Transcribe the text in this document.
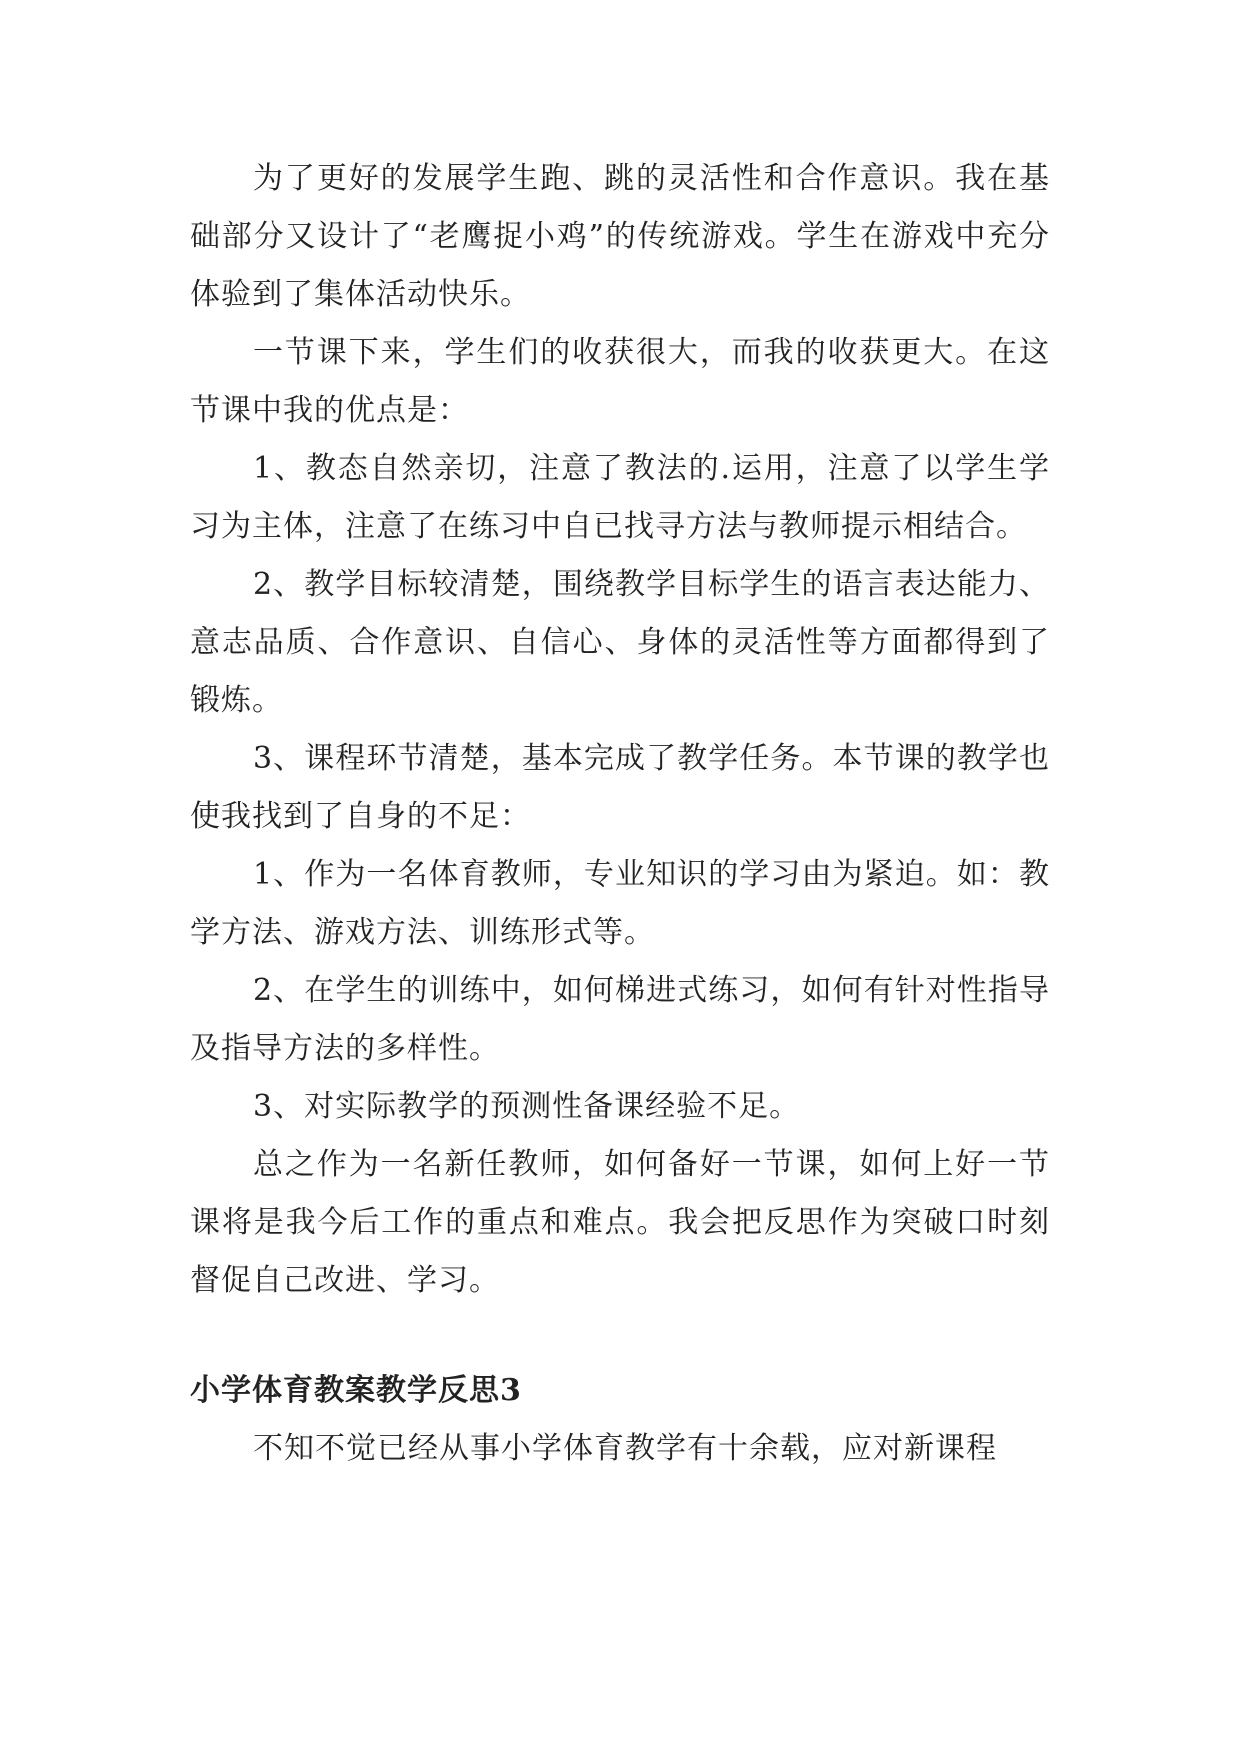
为了更好的发展学生跑、跳的灵活性和合作意识。我在基础部分又设计了“老鹰捉小鸡”的传统游戏。学生在游戏中充分体验到了集体活动快乐。

一节课下来，学生们的收获很大，而我的收获更大。在这节课中我的优点是：

1、教态自然亲切，注意了教法的.运用，注意了以学生学习为主体，注意了在练习中自已找寻方法与教师提示相结合。

2、教学目标较清楚，围绕教学目标学生的语言表达能力、意志品质、合作意识、自信心、身体的灵活性等方面都得到了锻炼。

3、课程环节清楚，基本完成了教学任务。本节课的教学也使我找到了自身的不足：

1、作为一名体育教师，专业知识的学习由为紧迫。如：教学方法、游戏方法、训练形式等。

2、在学生的训练中，如何梯进式练习，如何有针对性指导及指导方法的多样性。

3、对实际教学的预测性备课经验不足。

总之作为一名新任教师，如何备好一节课，如何上好一节课将是我今后工作的重点和难点。我会把反思作为突破口时刻督促自己改进、学习。

小学体育教案教学反思3

不知不觉已经从事小学体育教学有十余载，应对新课程
